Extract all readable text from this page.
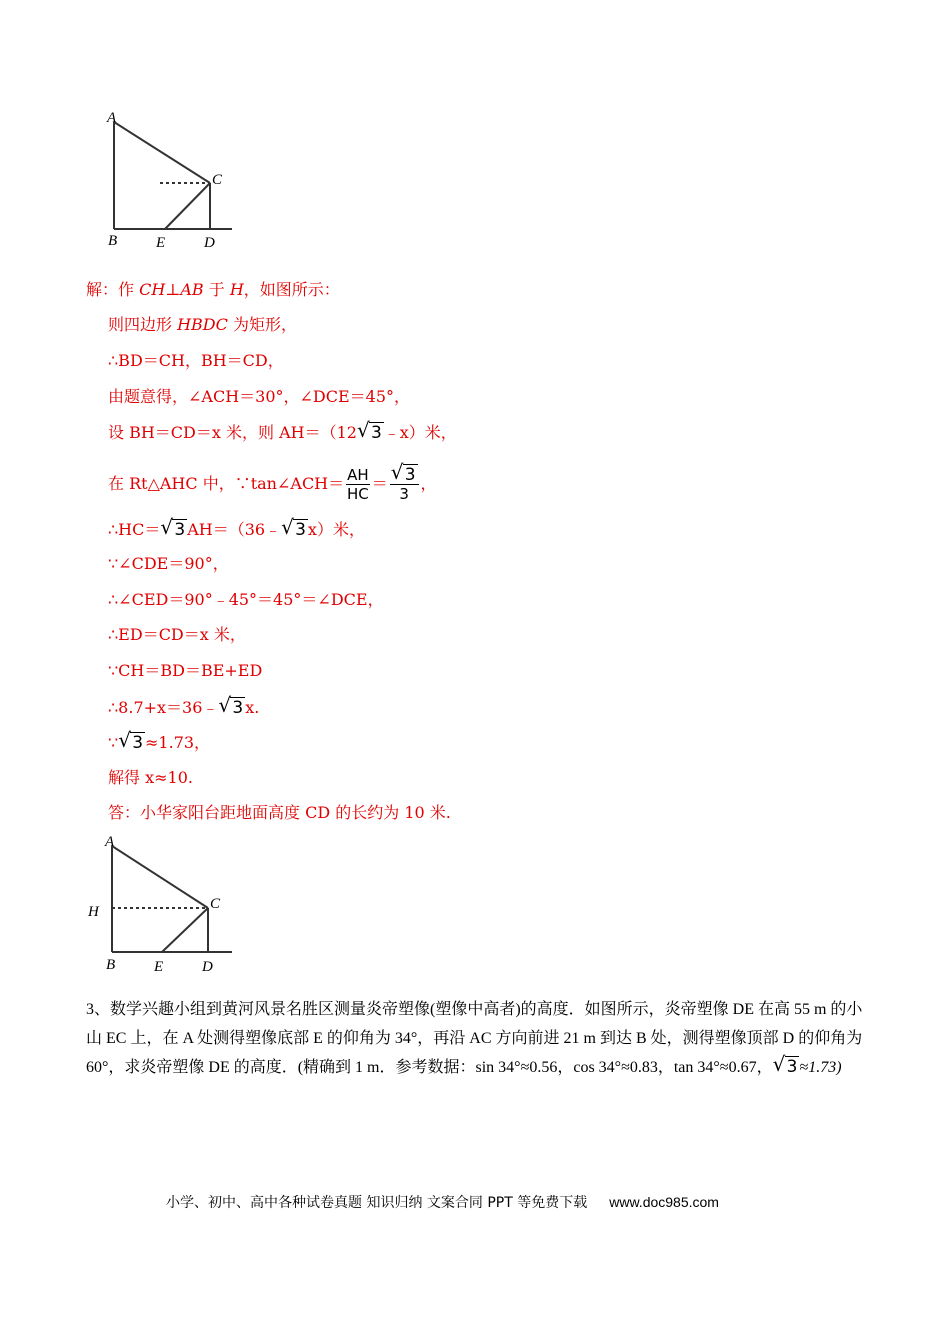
A
C
B	E	D
解：作 CH⊥AB 于 H，如图所示：
则四边形 HBDC 为矩形，
∴BD＝CH，BH＝CD，
由题意得，∠ACH＝30°，∠DCE＝45°，
设 BH＝CD＝x 米，则 AH＝（12 √ 3 ﹣x）米，
在 Rt△AHC 中，∵tan∠ACH＝ $\frac{AH}{HC}$ ＝ √ $\frac{3}{3}$ ，
∴HC＝ √ 3 AH＝（36﹣ √ 3 x）米，
∵∠CDE＝90°，
∴∠CED＝90°﹣45°＝45°＝∠DCE，
∴ED＝CD＝x 米，
∵CH＝BD＝BE+ED
∴8.7+x＝36﹣ √ 3 x.
∵ √ 3 ≈1.73，
解得 x≈10.
答：小华家阳台距地面高度 CD 的长约为 10 米.
A
C
H
B	E	D
3、数学兴趣小组到黄河风景名胜区测量炎帝塑像(塑像中高者)的高度．如图所示，炎帝塑像 DE 在高 55 m 的小山 EC 上，在 A 处测得塑像底部 E 的仰角为 34°，再沿 AC 方向前进 21 m 到达 B 处，测得塑像顶部 D 的仰角为 60°，求炎帝塑像 DE 的高度．(精确到 1 m．参考数据：sin 34°≈0.56，cos 34°≈0.83，tan 34°≈0.67， √ 3 ≈1.73)
小学、初中、高中各种试卷真题 知识归纳 文案合同 PPT 等免费下载 www.doc985.com
